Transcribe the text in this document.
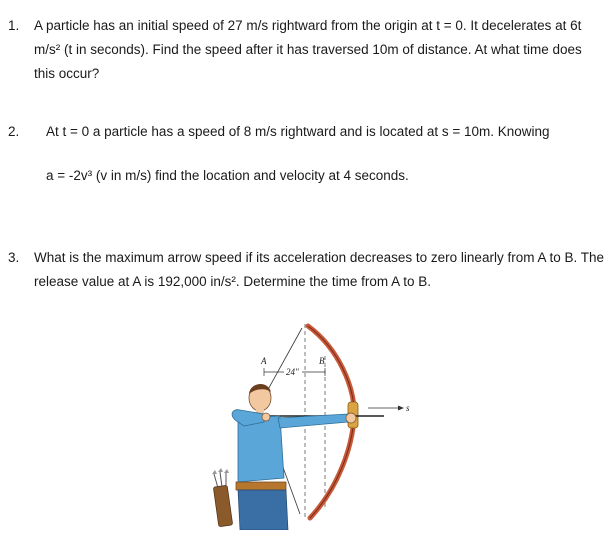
1. A particle has an initial speed of 27 m/s rightward from the origin at t = 0. It decelerates at 6t m/s² (t in seconds). Find the speed after it has traversed 10m of distance. At what time does this occur?
2. At t = 0 a particle has a speed of 8 m/s rightward and is located at s = 10m. Knowing
a = -2v³ (v in m/s) find the location and velocity at 4 seconds.
3. What is the maximum arrow speed if its acceleration decreases to zero linearly from A to B. The release value at A is 192,000 in/s². Determine the time from A to B.
s
24"
A	B
